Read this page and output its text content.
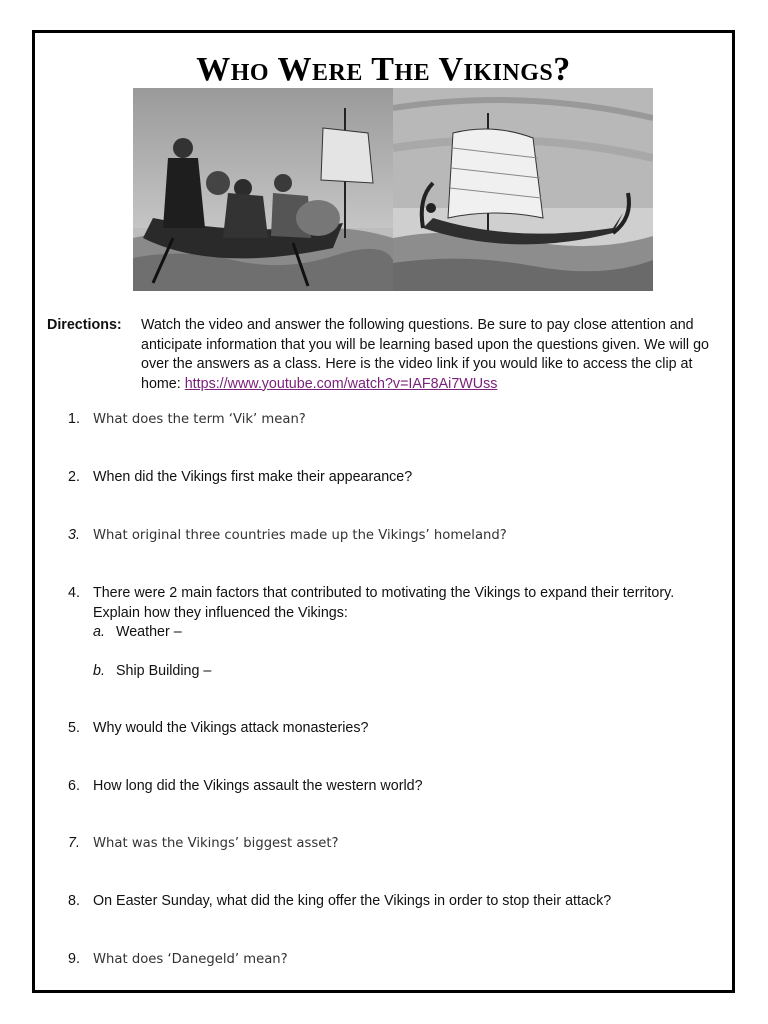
Who Were The Vikings?
Directions: Watch the video and answer the following questions. Be sure to pay close attention and anticipate information that you will be learning based upon the questions given. We will go over the answers as a class. Here is the video link if you would like to access the clip at home: https://www.youtube.com/watch?v=IAF8Ai7WUss
1. What does the term ‘Vik’ mean?
2. When did the Vikings first make their appearance?
3. What original three countries made up the Vikings’ homeland?
4. There were 2 main factors that contributed to motivating the Vikings to expand their territory. Explain how they influenced the Vikings:
a. Weather –
b. Ship Building –
5. Why would the Vikings attack monasteries?
6. How long did the Vikings assault the western world?
7. What was the Vikings’ biggest asset?
8. On Easter Sunday, what did the king offer the Vikings in order to stop their attack?
9. What does ‘Danegeld’ mean?
